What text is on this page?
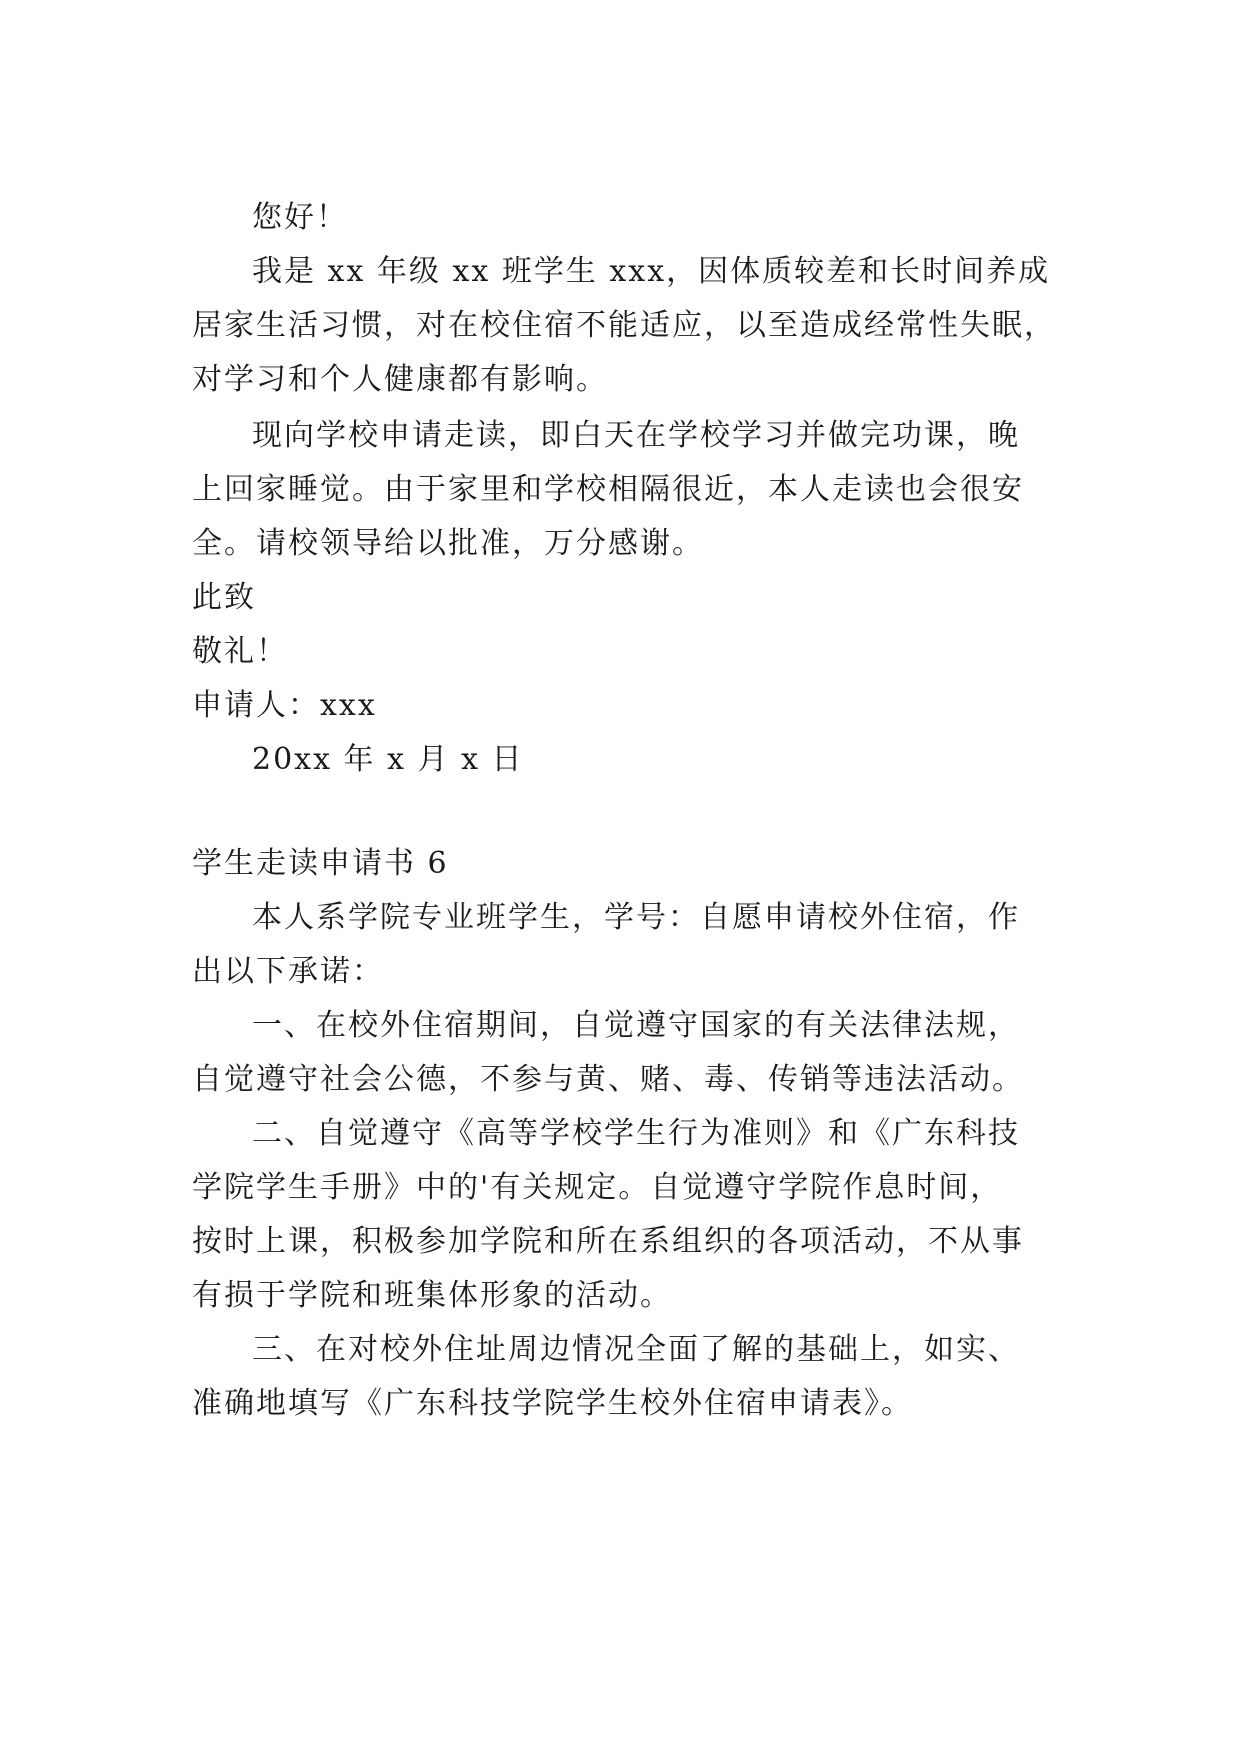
您好！

我是 xx 年级 xx 班学生 xxx，因体质较差和长时间养成

居家生活习惯，对在校住宿不能适应，以至造成经常性失眠，

对学习和个人健康都有影响。

现向学校申请走读，即白天在学校学习并做完功课，晚

上回家睡觉。由于家里和学校相隔很近，本人走读也会很安

全。请校领导给以批准，万分感谢。

此致

敬礼！

申请人：xxx

20xx 年 x 月 x 日

学生走读申请书 6

本人系学院专业班学生，学号：自愿申请校外住宿，作

出以下承诺：

一、在校外住宿期间，自觉遵守国家的有关法律法规，

自觉遵守社会公德，不参与黄、赌、毒、传销等违法活动。

二、自觉遵守《高等学校学生行为准则》和《广东科技

学院学生手册》中的'有关规定。自觉遵守学院作息时间，

按时上课，积极参加学院和所在系组织的各项活动，不从事

有损于学院和班集体形象的活动。

三、在对校外住址周边情况全面了解的基础上，如实、

准确地填写《广东科技学院学生校外住宿申请表》。
